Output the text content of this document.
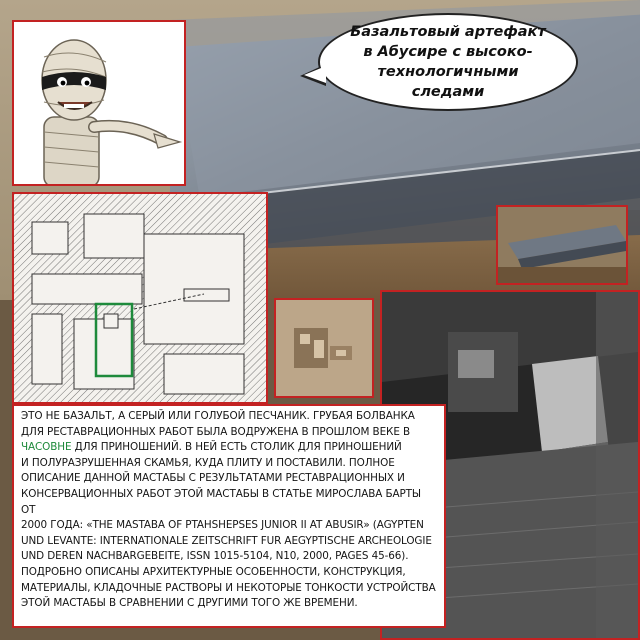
Базальтовый артефакт в Абусире с высоко-технологичными следами

ЭТО НЕ БАЗАЛЬТ, А СЕРЫЙ ИЛИ ГОЛУБОЙ ПЕСЧАНИК. ГРУБАЯ БОЛВАНКА
ДЛЯ РЕСТАВРАЦИОННЫХ РАБОТ БЫЛА ВОДРУЖЕНА В ПРОШЛОМ ВЕКЕ В
ЧАСОВНЕ ДЛЯ ПРИНОШЕНИЙ. В НЕЙ ЕСТЬ СТОЛИК ДЛЯ ПРИНОШЕНИЙ
И ПОЛУРАЗРУШЕННАЯ СКАМЬЯ, КУДА ПЛИТУ И ПОСТАВИЛИ. ПОЛНОЕ
ОПИСАНИЕ ДАННОЙ МАСТАБЫ С РЕЗУЛЬТАТАМИ РЕСТАВРАЦИОННЫХ И
КОНСЕРВАЦИОННЫХ РАБОТ ЭТОЙ МАСТАБЫ В СТАТЬЕ МИРОСЛАВА БАРТЫ ОТ
2000 ГОДА: «THE MASTABA OF PTAHSHEPSES JUNIOR II AT ABUSIR» (AGYPTEN
UND LEVANTE: INTERNATIONALE ZEITSCHRIFT FUR AEGYPTISCHE ARCHEOLOGIE
UND DEREN NACHBARGEBEITE, ISSN 1015-5104, N10, 2000, PAGES 45-66).
ПОДРОБНО ОПИСАНЫ АРХИТЕКТУРНЫЕ ОСОБЕННОСТИ, КОНСТРУКЦИЯ,
МАТЕРИАЛЫ, КЛАДОЧНЫЕ РАСТВОРЫ И НЕКОТОРЫЕ ТОНКОСТИ УСТРОЙСТВА
ЭТОЙ МАСТАБЫ В СРАВНЕНИИ С ДРУГИМИ ТОГО ЖЕ ВРЕМЕНИ.
